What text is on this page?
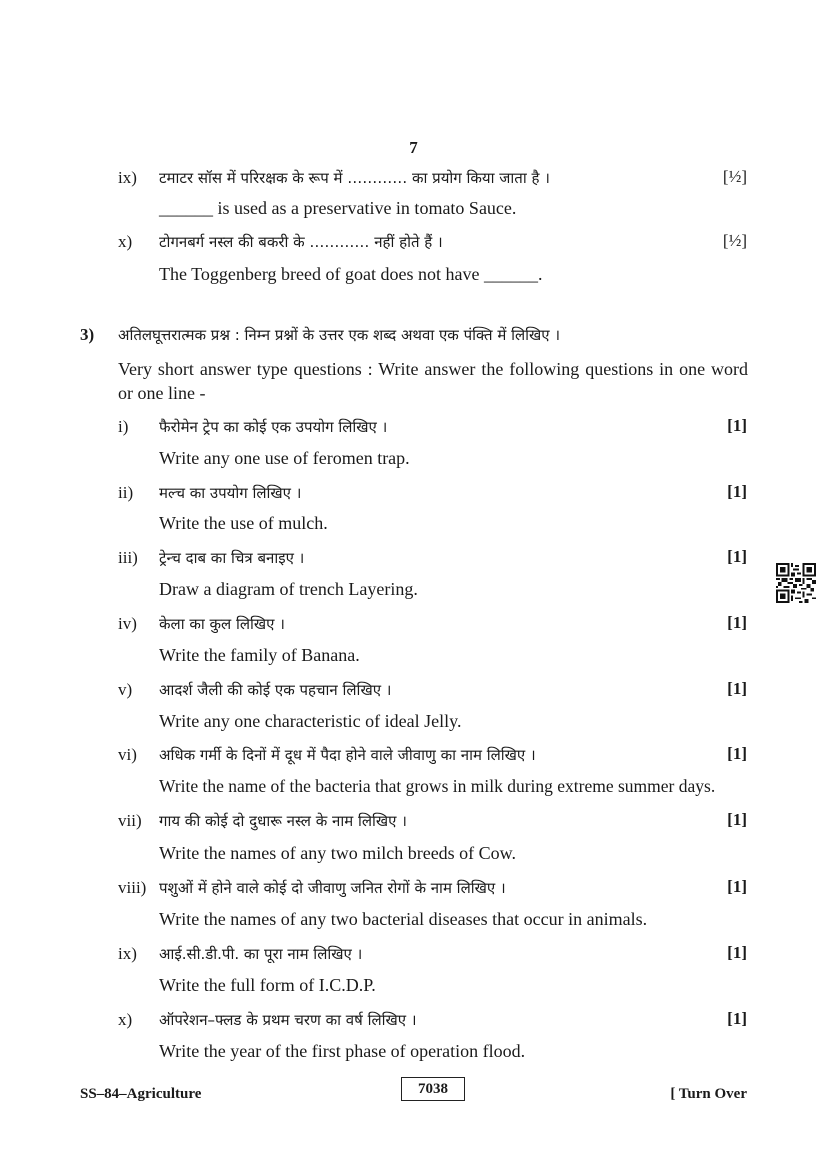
7
ix) टमाटर सॉस में परिरक्षक के रूप में ………… का प्रयोग किया जाता है ।	[½]
______ is used as a preservative in tomato Sauce.
x) टोगनबर्ग नस्ल की बकरी के ………… नहीं होते हैं ।	[½]
The Toggenberg breed of goat does not have ______.
3) अतिलघूत्तरात्मक प्रश्न : निम्न प्रश्नों के उत्तर एक शब्द अथवा एक पंक्ति में लिखिए ।
Very short answer type questions : Write answer the following questions in one word or one line -
i) फैरोमेन ट्रेप का कोई एक उपयोग लिखिए ।	[1]
Write any one use of feromen trap.
ii) मल्च का उपयोग लिखिए ।	[1]
Write the use of mulch.
iii) ट्रेन्च दाब का चित्र बनाइए ।	[1]
Draw a diagram of trench Layering.
iv) केला का कुल लिखिए ।	[1]
Write the family of Banana.
v) आदर्श जैली की कोई एक पहचान लिखिए ।	[1]
Write any one characteristic of ideal Jelly.
vi) अधिक गर्मी के दिनों में दूध में पैदा होने वाले जीवाणु का नाम लिखिए ।	[1]
Write the name of the bacteria that grows in milk during extreme summer days.
vii) गाय की कोई दो दुधारू नस्ल के नाम लिखिए ।	[1]
Write the names of any two milch breeds of Cow.
viii) पशुओं में होने वाले कोई दो जीवाणु जनित रोगों के नाम लिखिए ।	[1]
Write the names of any two bacterial diseases that occur in animals.
ix) आई.सी.डी.पी. का पूरा नाम लिखिए ।	[1]
Write the full form of I.C.D.P.
x) ऑपरेशन–फ्लड के प्रथम चरण का वर्ष लिखिए ।	[1]
Write the year of the first phase of operation flood.
SS–84–Agriculture	7038	[ Turn Over
